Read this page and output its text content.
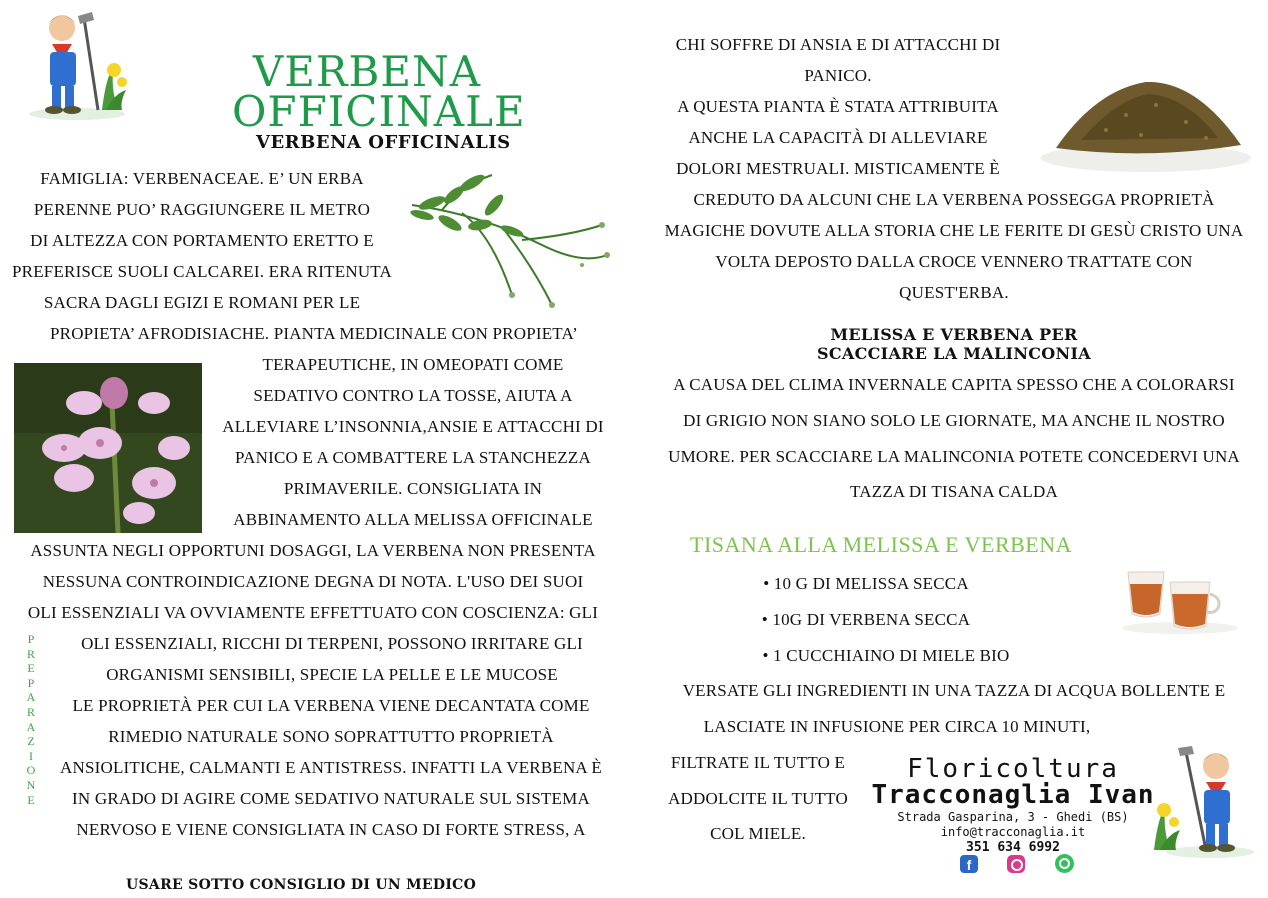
VERBENA
OFFICINALE
VERBENA OFFICINALIS
FAMIGLIA: VERBENACEAE. E’ UN ERBA
PERENNE PUO’ RAGGIUNGERE IL METRO
DI ALTEZZA CON PORTAMENTO ERETTO E
PREFERISCE SUOLI CALCAREI. ERA RITENUTA
SACRA DAGLI EGIZI E ROMANI PER LE
PROPIETA’ AFRODISIACHE. PIANTA MEDICINALE CON PROPIETA’
TERAPEUTICHE, IN OMEOPATI COME
SEDATIVO CONTRO LA TOSSE, AIUTA A
ALLEVIARE L’INSONNIA,ANSIE E ATTACCHI DI
PANICO E A COMBATTERE LA STANCHEZZA
PRIMAVERILE. CONSIGLIATA IN
ABBINAMENTO ALLA MELISSA OFFICINALE
ASSUNTA NEGLI OPPORTUNI DOSAGGI, LA VERBENA NON PRESENTA
NESSUNA CONTROINDICAZIONE DEGNA DI NOTA. L'USO DEI SUOI
OLI ESSENZIALI VA OVVIAMENTE EFFETTUATO CON COSCIENZA: GLI
OLI ESSENZIALI, RICCHI DI TERPENI, POSSONO IRRITARE GLI
ORGANISMI SENSIBILI, SPECIE LA PELLE E LE MUCOSE
LE PROPRIETÀ PER CUI LA VERBENA VIENE DECANTATA COME
RIMEDIO NATURALE SONO SOPRATTUTTO PROPRIETÀ
ANSIOLITICHE, CALMANTI E ANTISTRESS. INFATTI LA VERBENA È
IN GRADO DI AGIRE COME SEDATIVO NATURALE SUL SISTEMA
NERVOSO E VIENE CONSIGLIATA IN CASO DI FORTE STRESS, A
P
R
E
P
A
R
A
Z
I
O
N
E
USARE SOTTO CONSIGLIO DI UN MEDICO
CHI SOFFRE DI ANSIA E DI ATTACCHI DI
PANICO.
A QUESTA PIANTA È STATA ATTRIBUITA
ANCHE LA CAPACITÀ DI ALLEVIARE
DOLORI MESTRUALI. MISTICAMENTE È
CREDUTO DA ALCUNI CHE LA VERBENA POSSEGGA PROPRIETÀ
MAGICHE DOVUTE ALLA STORIA CHE LE FERITE DI GESÙ CRISTO UNA
VOLTA DEPOSTO DALLA CROCE VENNERO TRATTATE CON
QUEST'ERBA.
MELISSA E VERBENA PER SCACCIARE LA MALINCONIA
A CAUSA DEL CLIMA INVERNALE CAPITA SPESSO CHE A COLORARSI
DI GRIGIO NON SIANO SOLO LE GIORNATE, MA ANCHE IL NOSTRO
UMORE. PER SCACCIARE LA MALINCONIA POTETE CONCEDERVI UNA
TAZZA DI TISANA CALDA
TISANA ALLA MELISSA E VERBENA
• 10 G DI MELISSA SECCA
• 10G DI VERBENA SECCA
• 1 CUCCHIAINO DI MIELE BIO
VERSATE GLI INGREDIENTI IN UNA TAZZA DI ACQUA BOLLENTE E
LASCIATE IN INFUSIONE PER CIRCA 10 MINUTI,
FILTRATE IL TUTTO E
ADDOLCITE IL TUTTO
COL MIELE.
Floricoltura
Tracconaglia Ivan
Strada Gasparina, 3 - Ghedi (BS)
info@tracconaglia.it
351 634 6992
f
